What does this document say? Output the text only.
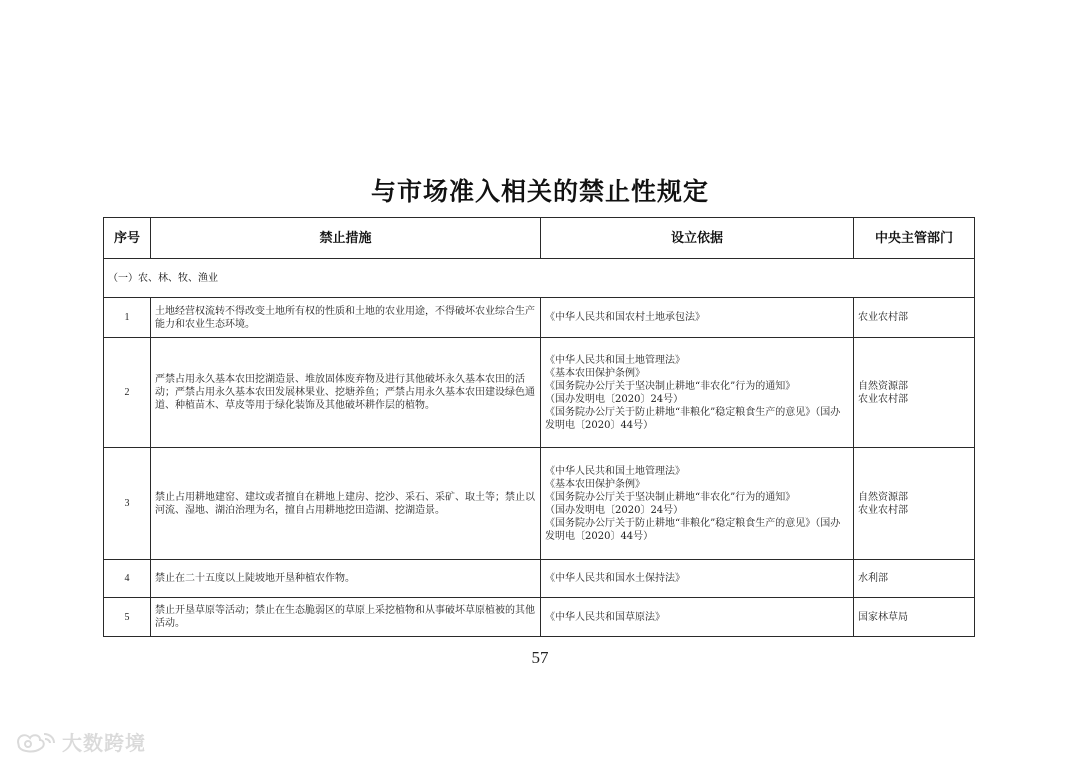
与市场准入相关的禁止性规定
序号	禁止措施	设立依据	中央主管部门
（一）农、林、牧、渔业			
1	土地经营权流转不得改变土地所有权的性质和土地的农业用途，不得破坏农业综合生产能力和农业生态环境。	《中华人民共和国农村土地承包法》	农业农村部

2	严禁占用永久基本农田挖湖造景、堆放固体废弃物及进行其他破坏永久基本农田的活动；严禁占用永久基本农田发展林果业、挖塘养鱼；严禁占用永久基本农田建设绿色通道、种植苗木、草皮等用于绿化装饰及其他破坏耕作层的植物。	《中华人民共和国土地管理法》
《基本农田保护条例》
《国务院办公厅关于坚决制止耕地“非农化”行为的通知》
（国办发明电〔2020〕24号）
《国务院办公厅关于防止耕地“非粮化”稳定粮食生产的意见》（国办发明电〔2020〕44号）	自然资源部
农业农村部

3	禁止占用耕地建窑、建坟或者擅自在耕地上建房、挖沙、采石、采矿、取土等；禁止以河流、湿地、湖泊治理为名，擅自占用耕地挖田造湖、挖湖造景。	《中华人民共和国土地管理法》
《基本农田保护条例》
《国务院办公厅关于坚决制止耕地“非农化”行为的通知》
（国办发明电〔2020〕24号）
《国务院办公厅关于防止耕地“非粮化”稳定粮食生产的意见》（国办发明电〔2020〕44号）	自然资源部
农业农村部

4	禁止在二十五度以上陡坡地开垦种植农作物。	《中华人民共和国水土保持法》	水利部

5	禁止开垦草原等活动；禁止在生态脆弱区的草原上采挖植物和从事破坏草原植被的其他活动。	《中华人民共和国草原法》	国家林草局
57
大数跨境
